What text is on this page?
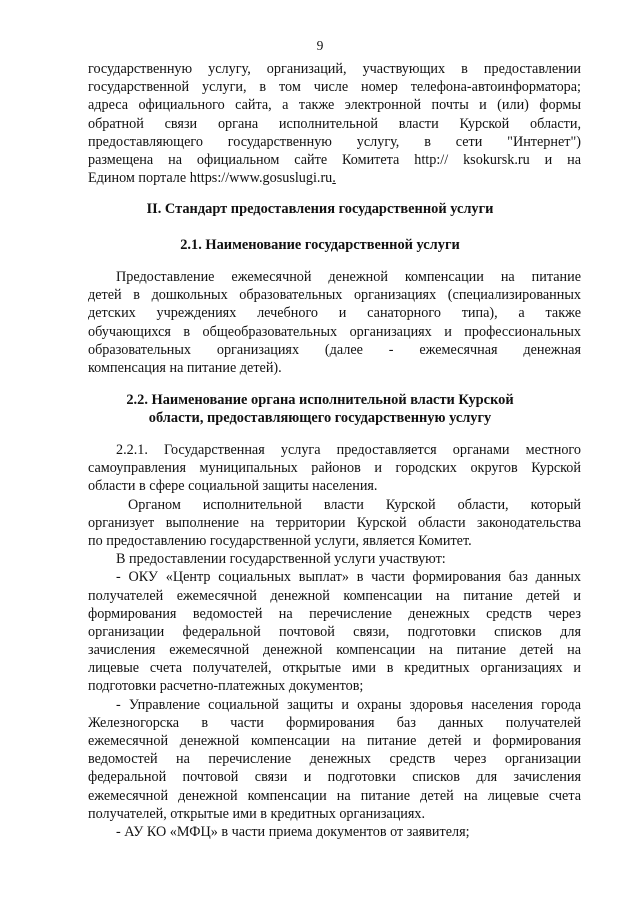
9
государственную услугу, организаций, участвующих в предоставлении
государственной услуги, в том числе номер телефона-автоинформатора;
адреса официального сайта, а также электронной почты и (или) формы
обратной связи органа исполнительной власти Курской области,
предоставляющего государственную услугу, в сети "Интернет")
размещена на официальном сайте Комитета http:// ksokursk.ru и на
Едином портале https://www.gosuslugi.ru.
II. Стандарт предоставления государственной услуги
2.1. Наименование государственной услуги
Предоставление ежемесячной денежной компенсации на питание
детей в дошкольных образовательных организациях (специализированных
детских учреждениях лечебного и санаторного типа), а также
обучающихся в общеобразовательных организациях и профессиональных
образовательных организациях (далее - ежемесячная денежная
компенсация на питание детей).
2.2. Наименование органа исполнительной власти Курской
области, предоставляющего государственную услугу
2.2.1. Государственная услуга предоставляется органами местного
самоуправления муниципальных районов и городских округов Курской
области в сфере социальной защиты населения.
Органом исполнительной власти Курской области, который
организует выполнение на территории Курской области законодательства
по предоставлению государственной услуги, является Комитет.
В предоставлении государственной услуги участвуют:
- ОКУ «Центр социальных выплат» в части формирования баз данных
получателей ежемесячной денежной компенсации на питание детей и
формирования ведомостей на перечисление денежных средств через
организации федеральной почтовой связи, подготовки списков для
зачисления ежемесячной денежной компенсации на питание детей на
лицевые счета получателей, открытые ими в кредитных организациях и
подготовки расчетно-платежных документов;
- Управление социальной защиты и охраны здоровья населения города
Железногорска в части формирования баз данных получателей
ежемесячной денежной компенсации на питание детей и формирования
ведомостей на перечисление денежных средств через организации
федеральной почтовой связи и подготовки списков для зачисления
ежемесячной денежной компенсации на питание детей на лицевые счета
получателей, открытые ими в кредитных организациях.
- АУ КО «МФЦ» в части приема документов от заявителя;
